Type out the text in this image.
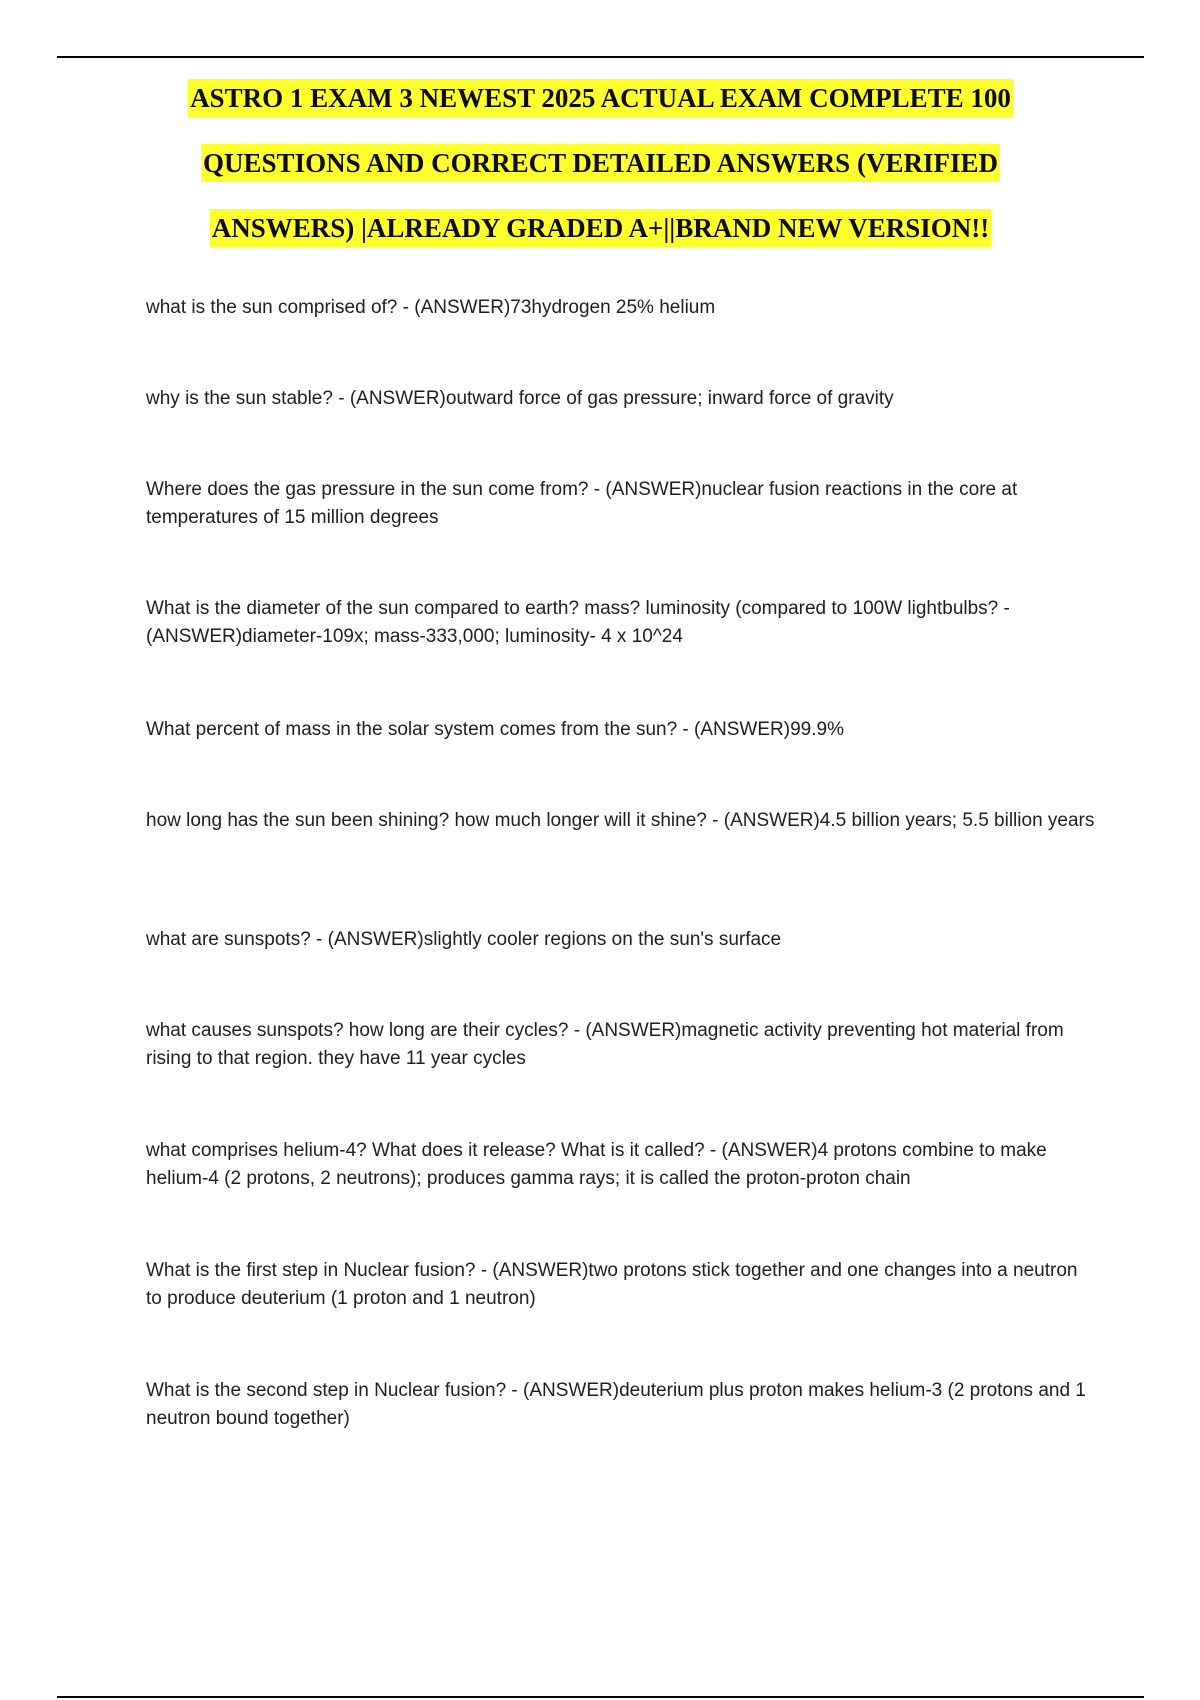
ASTRO 1 EXAM 3 NEWEST 2025 ACTUAL EXAM COMPLETE 100
QUESTIONS AND CORRECT DETAILED ANSWERS (VERIFIED
ANSWERS) |ALREADY GRADED A+||BRAND NEW VERSION!!

what is the sun comprised of? - (ANSWER)73hydrogen 25% helium

why is the sun stable? - (ANSWER)outward force of gas pressure; inward force of gravity

Where does the gas pressure in the sun come from? - (ANSWER)nuclear fusion reactions in the core at temperatures of 15 million degrees

What is the diameter of the sun compared to earth? mass? luminosity (compared to 100W lightbulbs? - (ANSWER)diameter-109x; mass-333,000; luminosity- 4 x 10^24

What percent of mass in the solar system comes from the sun? - (ANSWER)99.9%

how long has the sun been shining? how much longer will it shine? - (ANSWER)4.5 billion years; 5.5 billion years

what are sunspots? - (ANSWER)slightly cooler regions on the sun's surface

what causes sunspots? how long are their cycles? - (ANSWER)magnetic activity preventing hot material from rising to that region. they have 11 year cycles

what comprises helium-4? What does it release? What is it called? - (ANSWER)4 protons combine to make helium-4 (2 protons, 2 neutrons); produces gamma rays; it is called the proton-proton chain

What is the first step in Nuclear fusion? - (ANSWER)two protons stick together and one changes into a neutron to produce deuterium (1 proton and 1 neutron)

What is the second step in Nuclear fusion? - (ANSWER)deuterium plus proton makes helium-3 (2 protons and 1 neutron bound together)
